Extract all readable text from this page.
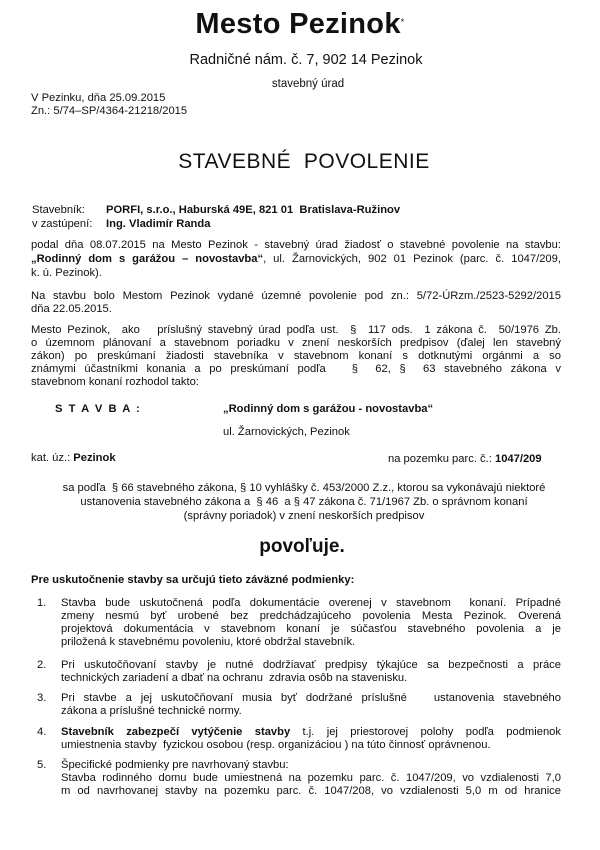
Mesto Pezinok*
Radničné nám. č. 7, 902 14 Pezinok
stavebný úrad
V Pezinku, dňa 25.09.2015
Zn.: 5/74–SP/4364-21218/2015
STAVEBNÉ  POVOLENIE
Stavebník: PORFI, s.r.o., Haburská 49E, 821 01  Bratislava-Ružinov
v zastúpení: Ing. Vladimír Randa
podal dňa 08.07.2015 na Mesto Pezinok - stavebný úrad žiadosť o stavebné povolenie na stavbu:
„Rodinný dom s garážou – novostavba“, ul. Žarnovických, 902 01 Pezinok (parc. č. 1047/209,
k. ú. Pezinok).
Na stavbu bolo Mestom Pezinok vydané územné povolenie pod zn.: 5/72-ÚRzm./2523-5292/2015
dňa 22.05.2015.
Mesto Pezinok,  ako   príslušný stavebný úrad podľa ust.  §  117 ods.  1 zákona č.  50/1976 Zb.
o územnom plánovaní a stavebnom poriadku v znení neskorších predpisov (ďalej len stavebný
zákon) po preskúmaní žiadosti stavebníka v stavebnom konaní s dotknutými orgánmi a so
známymi účastníkmi konania a po preskúmaní podľa   §  62, §  63 stavebného zákona v
stavebnom konaní rozhodol takto:
S T A V B A :	„Rodinný dom s garážou - novostavba“
ul. Žarnovických, Pezinok
kat. úz.: Pezinok	na pozemku parc. č.: 1047/209
sa podľa  § 66 stavebného zákona, § 10 vyhlášky č. 453/2000 Z.z., ktorou sa vykonávajú niektoré
ustanovenia stavebného zákona a  § 46  a § 47 zákona č. 71/1967 Zb. o správnom konaní
(správny poriadok) v znení neskorších predpisov
povoľuje.
Pre uskutočnenie stavby sa určujú tieto záväzné podmienky:
1. Stavba bude uskutočnená podľa dokumentácie overenej v stavebnom  konaní. Prípadné
zmeny nesmú byť urobené bez predchádzajúceho povolenia Mesta Pezinok. Overená
projektová dokumentácia v stavebnom konaní je súčasťou stavebného povolenia a je
priložená k stavebnému povoleniu, ktoré obdržal stavebník.
2. Pri uskutočňovaní stavby je nutné dodržiavať predpisy týkajúce sa bezpečnosti a práce
technických zariadení a dbať na ochranu  zdravia osôb na stavenisku.
3. Pri stavbe a jej uskutočňovaní musia byť dodržané príslušné   ustanovenia stavebného
zákona a príslušné technické normy.
4. Stavebník zabezpečí vytýčenie stavby t.j. jej priestorovej polohy podľa podmienok
umiestnenia stavby  fyzickou osobou (resp. organizáciou ) na túto činnosť oprávnenou.
5. Špecifické podmienky pre navrhovaný stavbu:
Stavba rodinného domu bude umiestnená na pozemku parc. č. 1047/209, vo vzdialenosti 7,0
m od navrhovanej stavby na pozemku parc. č. 1047/208, vo vzdialenosti 5,0 m od hranice
